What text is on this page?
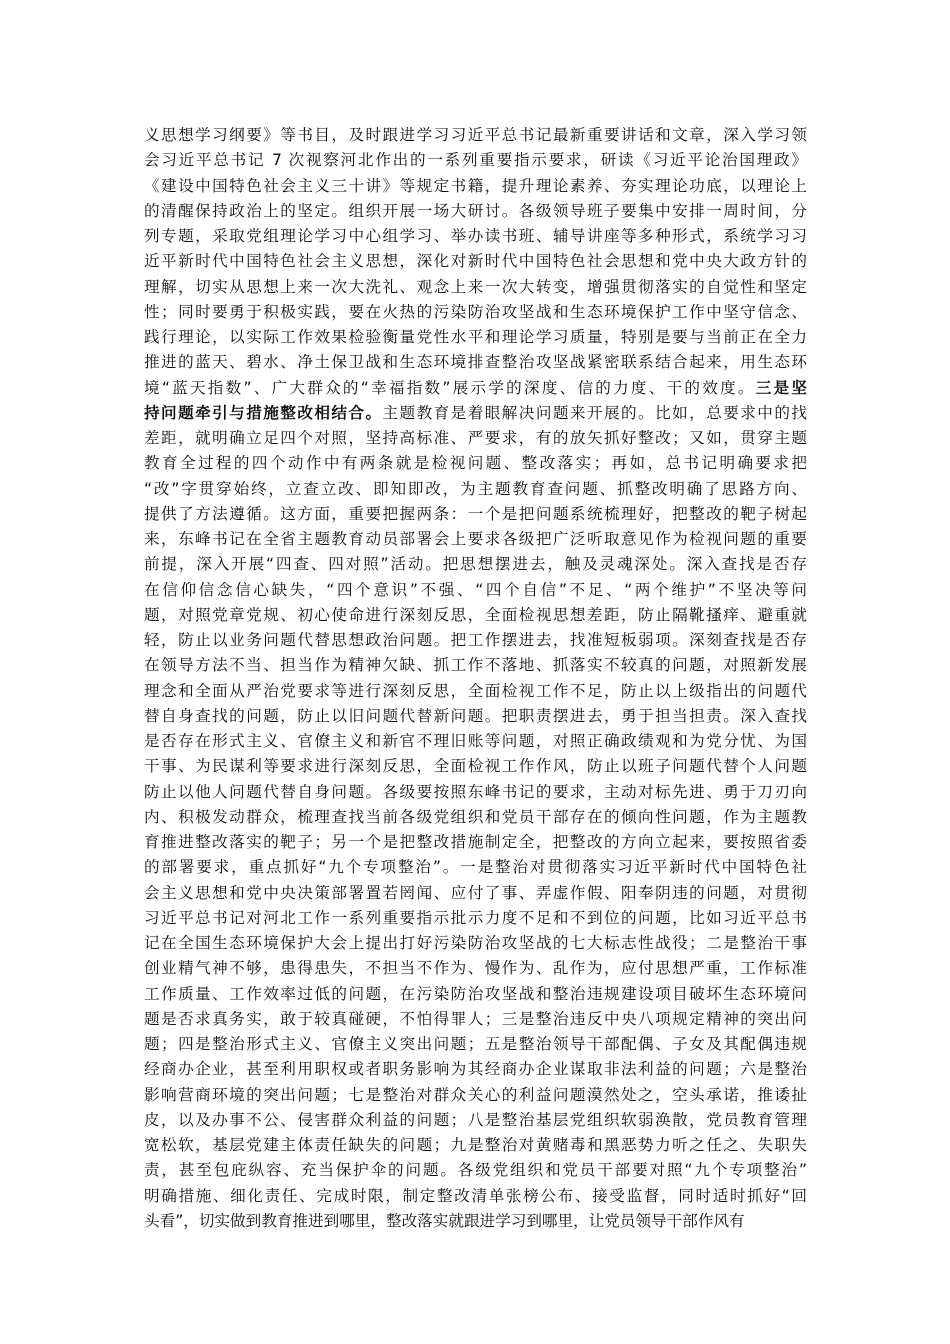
义思想学习纲要》等书目，及时跟进学习习近平总书记最新重要讲话和文章，深入学习领
会习近平总书记 7 次视察河北作出的一系列重要指示要求，研读《习近平论治国理政》
《建设中国特色社会主义三十讲》等规定书籍，提升理论素养、夯实理论功底，以理论上
的清醒保持政治上的坚定。组织开展一场大研讨。各级领导班子要集中安排一周时间，分
列专题，采取党组理论学习中心组学习、举办读书班、辅导讲座等多种形式，系统学习习
近平新时代中国特色社会主义思想，深化对新时代中国特色社会思想和党中央大政方针的
理解，切实从思想上来一次大洗礼、观念上来一次大转变，增强贯彻落实的自觉性和坚定
性；同时要勇于积极实践，要在火热的污染防治攻坚战和生态环境保护工作中坚守信念、
践行理论，以实际工作效果检验衡量党性水平和理论学习质量，特别是要与当前正在全力
推进的蓝天、碧水、净土保卫战和生态环境排查整治攻坚战紧密联系结合起来，用生态环
境“蓝天指数”、广大群众的“幸福指数”展示学的深度、信的力度、干的效度。三是坚
持问题牵引与措施整改相结合。主题教育是着眼解决问题来开展的。比如，总要求中的找
差距，就明确立足四个对照，坚持高标准、严要求，有的放矢抓好整改；又如，贯穿主题
教育全过程的四个动作中有两条就是检视问题、整改落实；再如，总书记明确要求把
“改”字贯穿始终，立查立改、即知即改，为主题教育查问题、抓整改明确了思路方向、
提供了方法遵循。这方面，重要把握两条：一个是把问题系统梳理好，把整改的靶子树起
来，东峰书记在全省主题教育动员部署会上要求各级把广泛听取意见作为检视问题的重要
前提，深入开展“四查、四对照”活动。把思想摆进去，触及灵魂深处。深入查找是否存
在信仰信念信心缺失，“四个意识”不强、“四个自信”不足、“两个维护”不坚决等问
题，对照党章党规、初心使命进行深刻反思，全面检视思想差距，防止隔靴搔痒、避重就
轻，防止以业务问题代替思想政治问题。把工作摆进去，找准短板弱项。深刻查找是否存
在领导方法不当、担当作为精神欠缺、抓工作不落地、抓落实不较真的问题，对照新发展
理念和全面从严治党要求等进行深刻反思，全面检视工作不足，防止以上级指出的问题代
替自身查找的问题，防止以旧问题代替新问题。把职责摆进去，勇于担当担责。深入查找
是否存在形式主义、官僚主义和新官不理旧账等问题，对照正确政绩观和为党分忧、为国
干事、为民谋利等要求进行深刻反思，全面检视工作作风，防止以班子问题代替个人问题
防止以他人问题代替自身问题。各级要按照东峰书记的要求，主动对标先进、勇于刀刃向
内、积极发动群众，梳理查找当前各级党组织和党员干部存在的倾向性问题，作为主题教
育推进整改落实的靶子；另一个是把整改措施制定全，把整改的方向立起来，要按照省委
的部署要求，重点抓好“九个专项整治”。一是整治对贯彻落实习近平新时代中国特色社
会主义思想和党中央决策部署置若罔闻、应付了事、弄虚作假、阳奉阴违的问题，对贯彻
习近平总书记对河北工作一系列重要指示批示力度不足和不到位的问题，比如习近平总书
记在全国生态环境保护大会上提出打好污染防治攻坚战的七大标志性战役；二是整治干事
创业精气神不够，患得患失，不担当不作为、慢作为、乱作为，应付思想严重，工作标准
工作质量、工作效率过低的问题，在污染防治攻坚战和整治违规建设项目破坏生态环境问
题是否求真务实，敢于较真碰硬，不怕得罪人；三是整治违反中央八项规定精神的突出问
题；四是整治形式主义、官僚主义突出问题；五是整治领导干部配偶、子女及其配偶违规
经商办企业，甚至利用职权或者职务影响为其经商办企业谋取非法利益的问题；六是整治
影响营商环境的突出问题；七是整治对群众关心的利益问题漠然处之，空头承诺，推诿扯
皮，以及办事不公、侵害群众利益的问题；八是整治基层党组织软弱涣散，党员教育管理
宽松软，基层党建主体责任缺失的问题；九是整治对黄赌毒和黑恶势力听之任之、失职失
责，甚至包庇纵容、充当保护伞的问题。各级党组织和党员干部要对照“九个专项整治”
明确措施、细化责任、完成时限，制定整改清单张榜公布、接受监督，同时适时抓好“回
头看”，切实做到教育推进到哪里，整改落实就跟进学习到哪里，让党员领导干部作风有
